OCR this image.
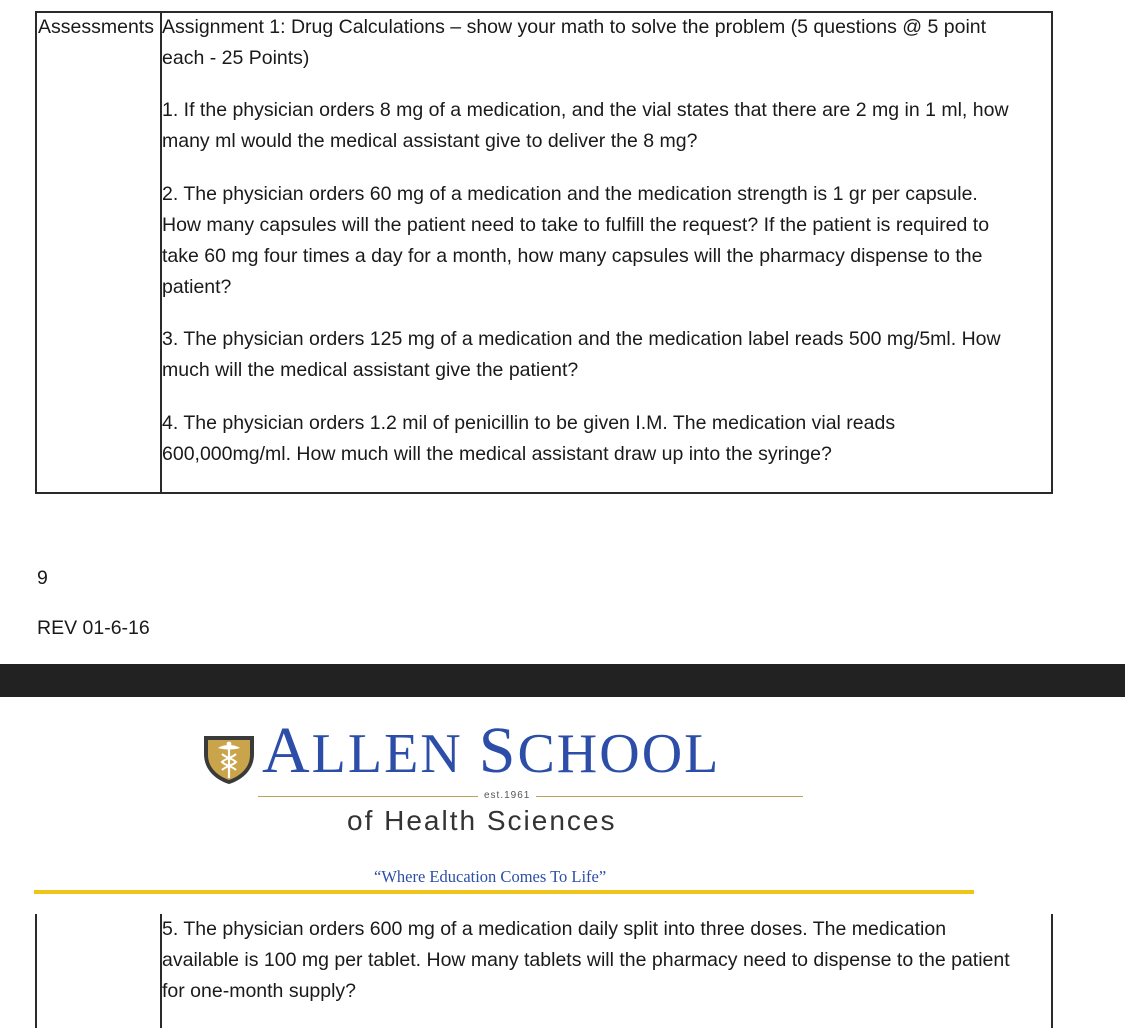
Assessments Assignment 1: Drug Calculations – show your math to solve the problem (5 questions @ 5 point
each - 25 Points)
1. If the physician orders 8 mg of a medication, and the vial states that there are 2 mg in 1 ml, how
many ml would the medical assistant give to deliver the 8 mg?
2. The physician orders 60 mg of a medication and the medication strength is 1 gr per capsule.
How many capsules will the patient need to take to fulfill the request? If the patient is required to
take 60 mg four times a day for a month, how many capsules will the pharmacy dispense to the
patient?
3. The physician orders 125 mg of a medication and the medication label reads 500 mg/5ml. How
much will the medical assistant give the patient?
4. The physician orders 1.2 mil of penicillin to be given I.M. The medication vial reads
600,000mg/ml. How much will the medical assistant draw up into the syringe?
9
REV 01-6-16
ALLEN SCHOOL
est.1961
of Health Sciences
“Where Education Comes To Life”
5. The physician orders 600 mg of a medication daily split into three doses. The medication
available is 100 mg per tablet. How many tablets will the pharmacy need to dispense to the patient
for one-month supply?
